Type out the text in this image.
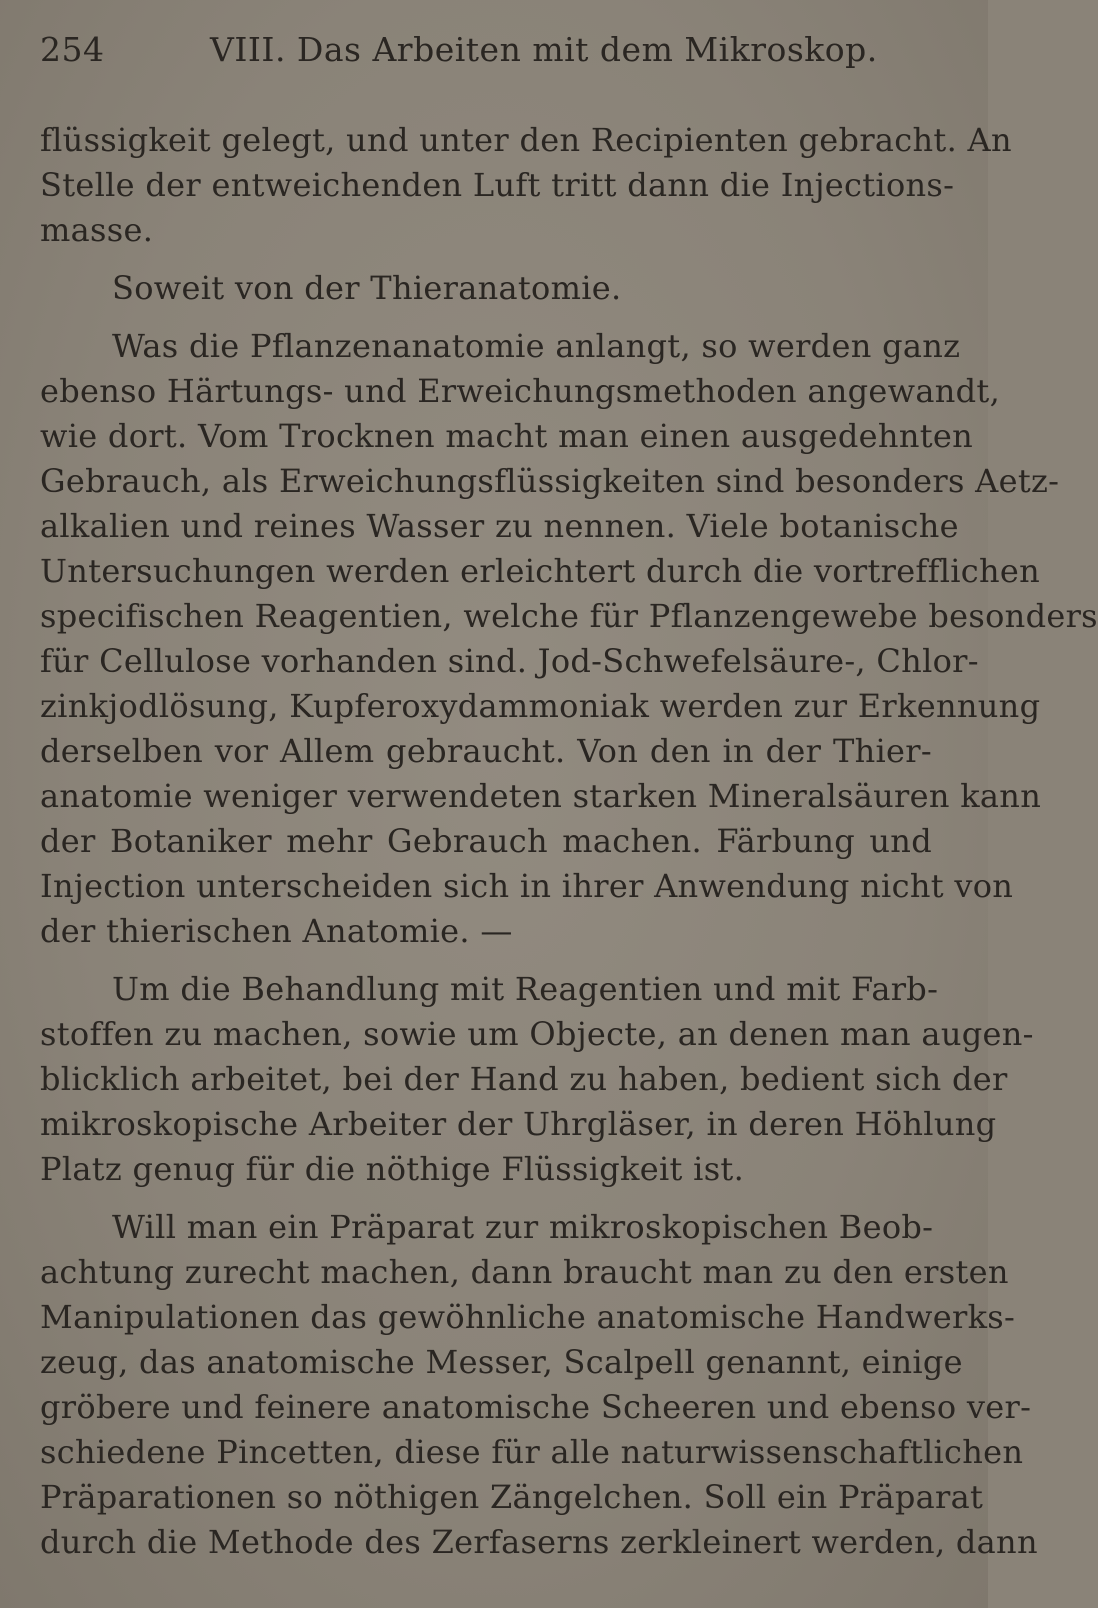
254	VIII. Das Arbeiten mit dem Mikroskop.
flüssigkeit gelegt, und unter den Recipienten gebracht. An
Stelle der entweichenden Luft tritt dann die Injections-
masse.
Soweit von der Thieranatomie.
Was die Pflanzenanatomie anlangt, so werden ganz
ebenso Härtungs- und Erweichungsmethoden angewandt,
wie dort. Vom Trocknen macht man einen ausgedehnten
Gebrauch, als Erweichungsflüssigkeiten sind besonders Aetz-
alkalien und reines Wasser zu nennen. Viele botanische
Untersuchungen werden erleichtert durch die vortrefflichen
specifischen Reagentien, welche für Pflanzengewebe besonders
für Cellulose vorhanden sind. Jod-Schwefelsäure-, Chlor-
zinkjodlösung, Kupferoxydammoniak werden zur Erkennung
derselben vor Allem gebraucht. Von den in der Thier-
anatomie weniger verwendeten starken Mineralsäuren kann
der Botaniker mehr Gebrauch machen. Färbung und
Injection unterscheiden sich in ihrer Anwendung nicht von
der thierischen Anatomie. —
Um die Behandlung mit Reagentien und mit Farb-
stoffen zu machen, sowie um Objecte, an denen man augen-
blicklich arbeitet, bei der Hand zu haben, bedient sich der
mikroskopische Arbeiter der Uhrgläser, in deren Höhlung
Platz genug für die nöthige Flüssigkeit ist.
Will man ein Präparat zur mikroskopischen Beob-
achtung zurecht machen, dann braucht man zu den ersten
Manipulationen das gewöhnliche anatomische Handwerks-
zeug, das anatomische Messer, Scalpell genannt, einige
gröbere und feinere anatomische Scheeren und ebenso ver-
schiedene Pincetten, diese für alle naturwissenschaftlichen
Präparationen so nöthigen Zängelchen. Soll ein Präparat
durch die Methode des Zerfaserns zerkleinert werden, dann
